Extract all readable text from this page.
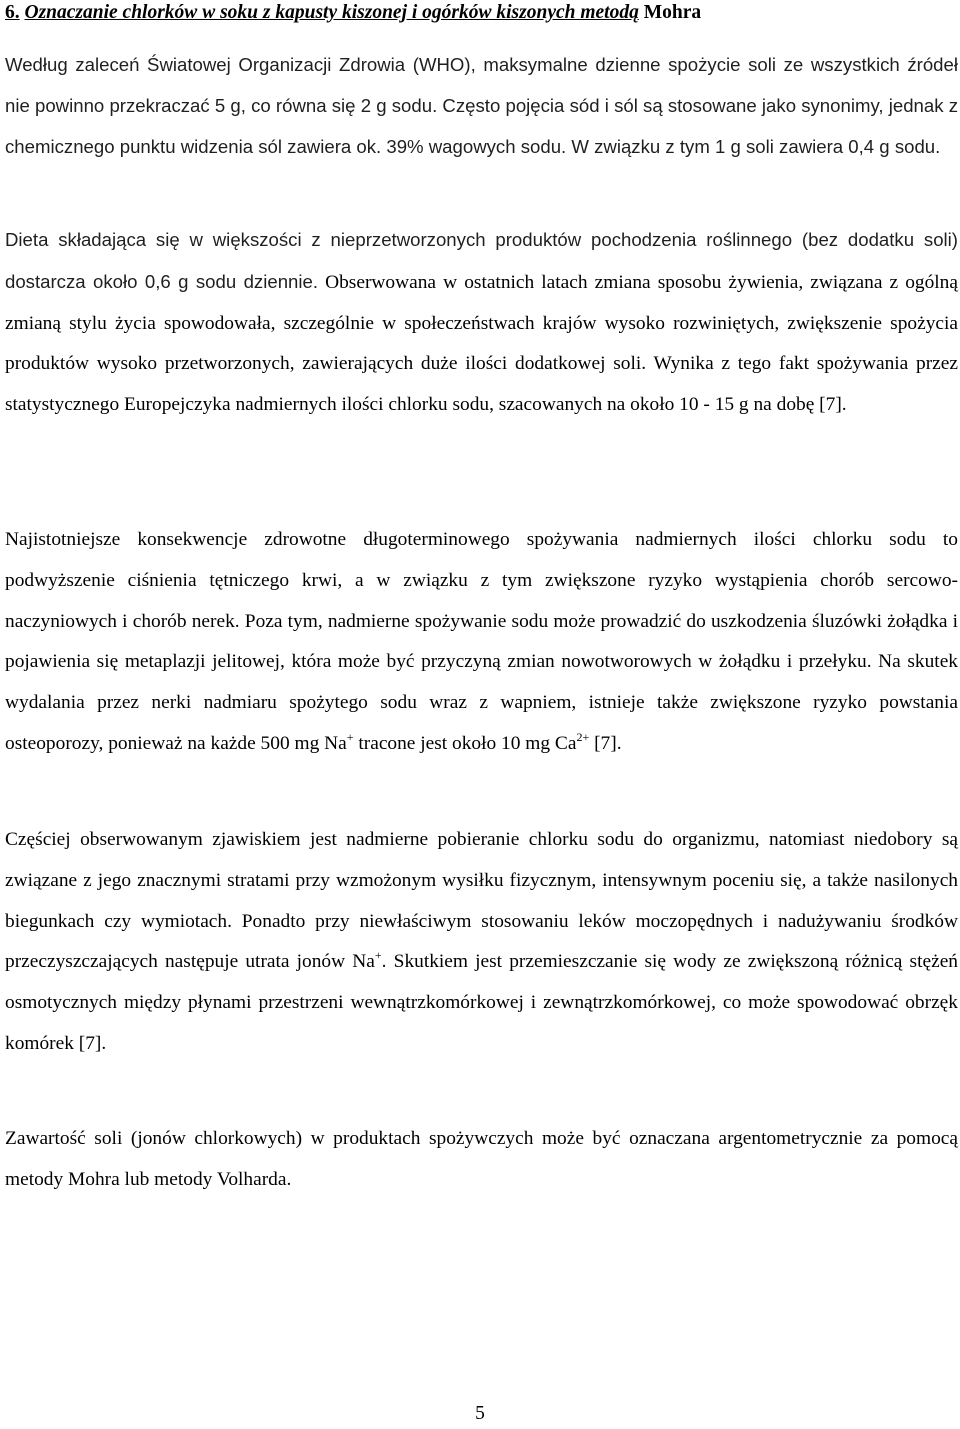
6. Oznaczanie chlorków w soku z kapusty kiszonej i ogórków kiszonych metodą Mohra

Według zaleceń Światowej Organizacji Zdrowia (WHO), maksymalne dzienne spożycie soli ze wszystkich źródeł nie powinno przekraczać 5 g, co równa się 2 g sodu. Często pojęcia sód i sól są stosowane jako synonimy, jednak z chemicznego punktu widzenia sól zawiera ok. 39% wagowych sodu. W związku z tym 1 g soli zawiera 0,4 g sodu.

Dieta składająca się w większości z nieprzetworzonych produktów pochodzenia roślinnego (bez dodatku soli) dostarcza około 0,6 g sodu dziennie. Obserwowana w ostatnich latach zmiana sposobu żywienia, związana z ogólną zmianą stylu życia spowodowała, szczególnie w społeczeństwach krajów wysoko rozwiniętych, zwiększenie spożycia produktów wysoko przetworzonych, zawierających duże ilości dodatkowej soli. Wynika z tego fakt spożywania przez statystycznego Europejczyka nadmiernych ilości chlorku sodu, szacowanych na około 10 - 15 g na dobę [7].

Najistotniejsze konsekwencje zdrowotne długoterminowego spożywania nadmiernych ilości chlorku sodu to podwyższenie ciśnienia tętniczego krwi, a w związku z tym zwiększone ryzyko wystąpienia chorób sercowo-naczyniowych i chorób nerek. Poza tym, nadmierne spożywanie sodu może prowadzić do uszkodzenia śluzówki żołądka i pojawienia się metaplazji jelitowej, która może być przyczyną zmian nowotworowych w żołądku i przełyku. Na skutek wydalania przez nerki nadmiaru spożytego sodu wraz z wapniem, istnieje także zwiększone ryzyko powstania osteoporozy, ponieważ na każde 500 mg Na+ tracone jest około 10 mg $Ca^{2+}$ [7].

Częściej obserwowanym zjawiskiem jest nadmierne pobieranie chlorku sodu do organizmu, natomiast niedobory są związane z jego znacznymi stratami przy wzmożonym wysiłku fizycznym, intensywnym poceniu się, a także nasilonych biegunkach czy wymiotach. Ponadto przy niewłaściwym stosowaniu leków moczopędnych i nadużywaniu środków przeczyszczających następuje utrata jonów Na+. Skutkiem jest przemieszczanie się wody ze zwiększoną różnicą stężeń osmotycznych między płynami przestrzeni wewnątrzkomórkowej i zewnątrzkomórkowej, co może spowodować obrzęk komórek [7].

Zawartość soli (jonów chlorkowych) w produktach spożywczych może być oznaczana argentometrycznie za pomocą metody Mohra lub metody Volharda.

5
